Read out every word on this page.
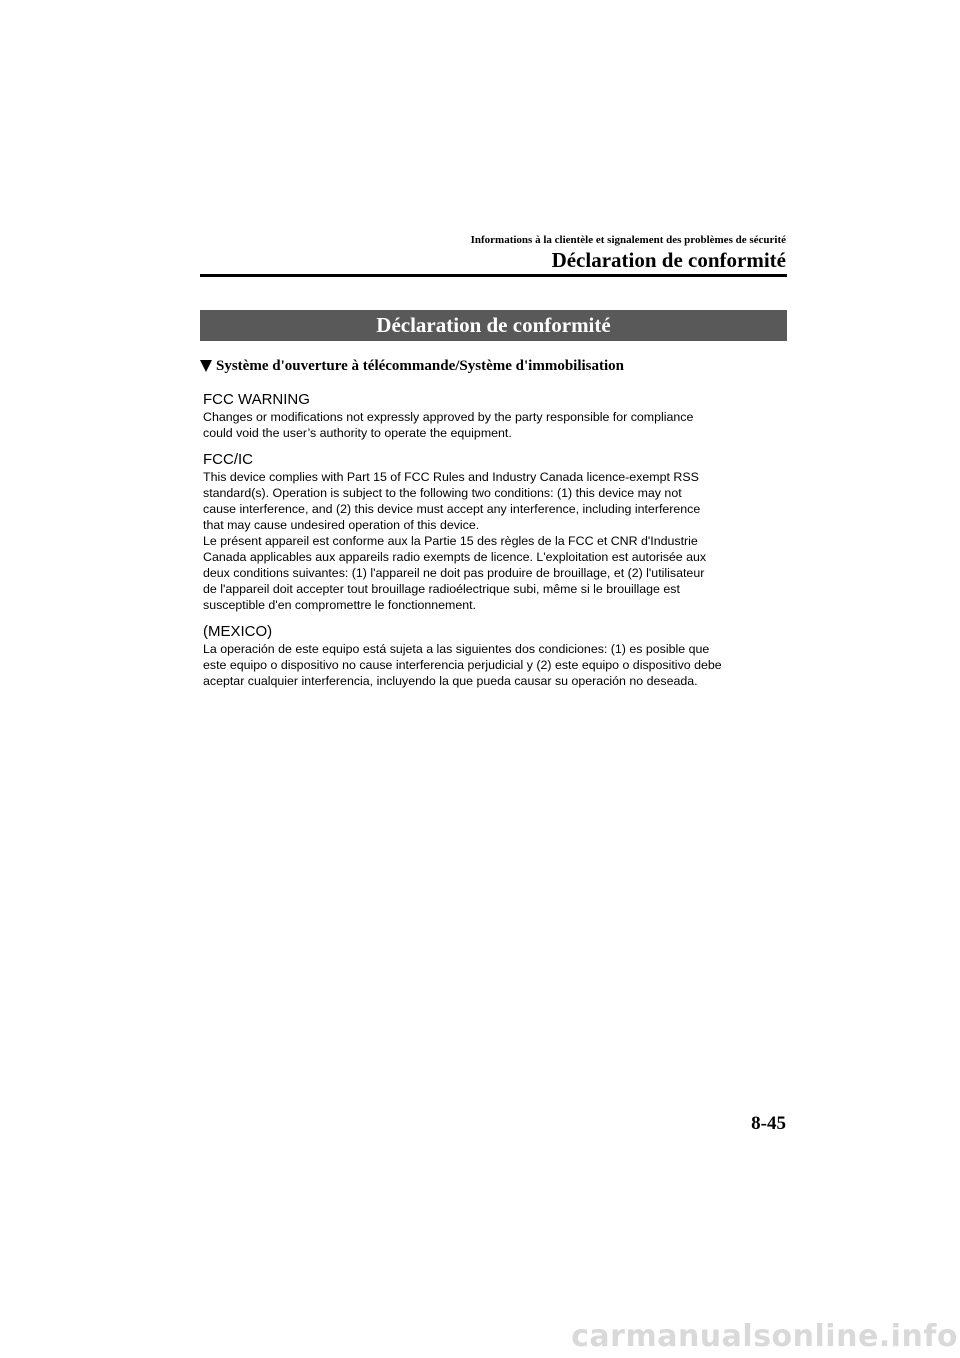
Informations à la clientèle et signalement des problèmes de sécurité
Déclaration de conformité
Déclaration de conformité
Système d'ouverture à télécommande/Système d'immobilisation
FCC WARNING
Changes or modifications not expressly approved by the party responsible for compliance
could void the user’s authority to operate the equipment.
FCC/IC
This device complies with Part 15 of FCC Rules and Industry Canada licence-exempt RSS
standard(s). Operation is subject to the following two conditions: (1) this device may not
cause interference, and (2) this device must accept any interference, including interference
that may cause undesired operation of this device.
Le présent appareil est conforme aux la Partie 15 des règles de la FCC et CNR d'Industrie
Canada applicables aux appareils radio exempts de licence. L'exploitation est autorisée aux
deux conditions suivantes: (1) l'appareil ne doit pas produire de brouillage, et (2) l'utilisateur
de l'appareil doit accepter tout brouillage radioélectrique subi, même si le brouillage est
susceptible d'en compromettre le fonctionnement.
(MEXICO)
La operación de este equipo está sujeta a las siguientes dos condiciones: (1) es posible que
este equipo o dispositivo no cause interferencia perjudicial y (2) este equipo o dispositivo debe
aceptar cualquier interferencia, incluyendo la que pueda causar su operación no deseada.
8-45
carmanualsonline.info
